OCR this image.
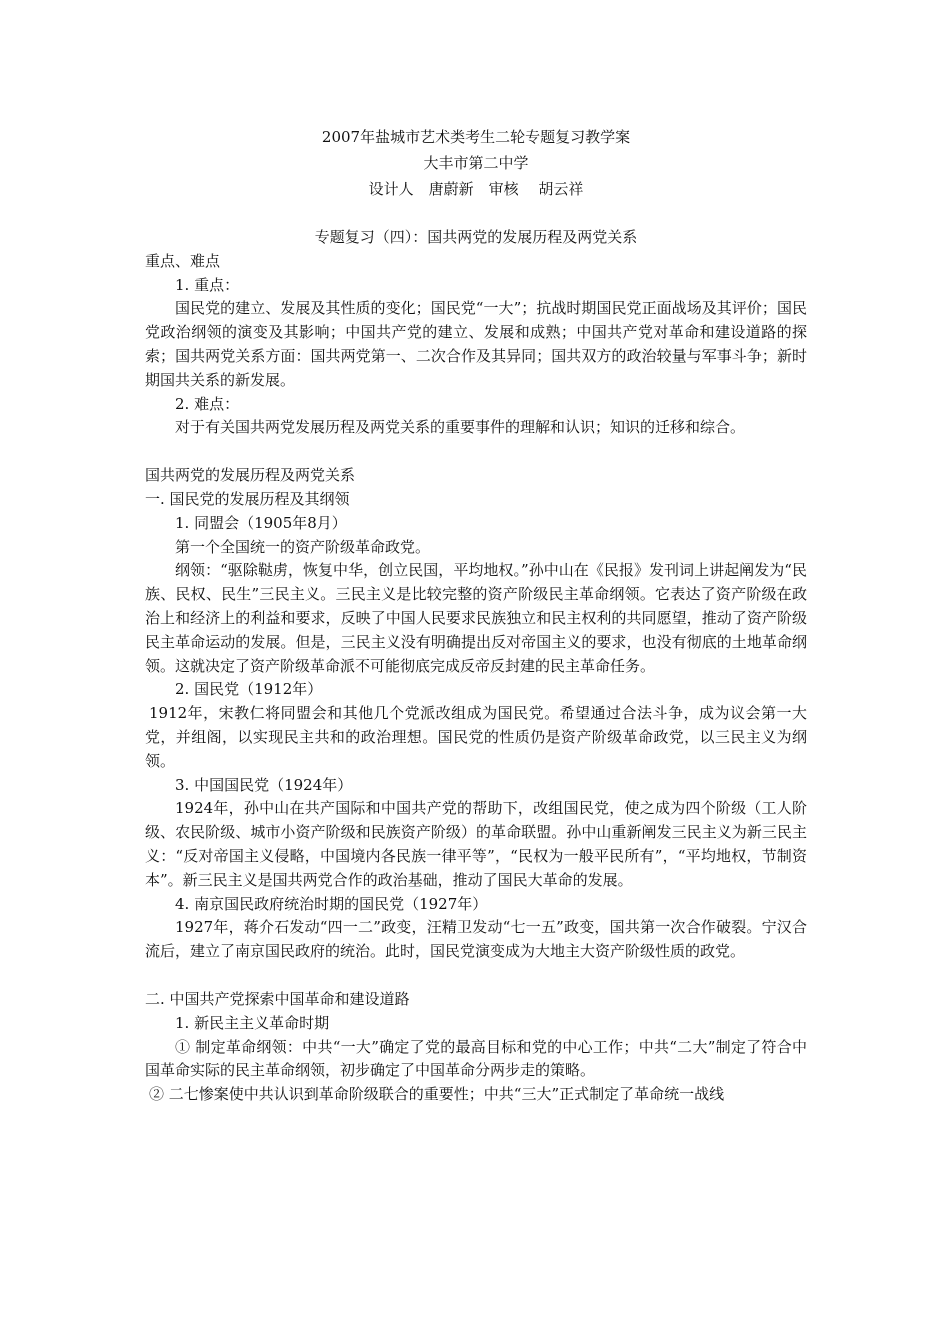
2007年盐城市艺术类考生二轮专题复习教学案
大丰市第二中学
设计人　唐蔚新　审核　 胡云祥
专题复习（四）：国共两党的发展历程及两党关系
重点、难点
1. 重点：
国民党的建立、发展及其性质的变化；国民党“一大”；抗战时期国民党正面战场及其评价；国民党政治纲领的演变及其影响；中国共产党的建立、发展和成熟；中国共产党对革命和建设道路的探索；国共两党关系方面：国共两党第一、二次合作及其异同；国共双方的政治较量与军事斗争；新时期国共关系的新发展。
2. 难点：
对于有关国共两党发展历程及两党关系的重要事件的理解和认识；知识的迁移和综合。
国共两党的发展历程及两党关系
一. 国民党的发展历程及其纲领
1. 同盟会（1905年8月）
第一个全国统一的资产阶级革命政党。
纲领：“驱除鞑虏，恢复中华，创立民国，平均地权。”孙中山在《民报》发刊词上讲起阐发为“民族、民权、民生”三民主义。三民主义是比较完整的资产阶级民主革命纲领。它表达了资产阶级在政治上和经济上的利益和要求，反映了中国人民要求民族独立和民主权利的共同愿望，推动了资产阶级民主革命运动的发展。但是，三民主义没有明确提出反对帝国主义的要求，也没有彻底的土地革命纲领。这就决定了资产阶级革命派不可能彻底完成反帝反封建的民主革命任务。
2. 国民党（1912年）
1912年，宋教仁将同盟会和其他几个党派改组成为国民党。希望通过合法斗争，成为议会第一大党，并组阁，以实现民主共和的政治理想。国民党的性质仍是资产阶级革命政党，以三民主义为纲领。
3. 中国国民党（1924年）
1924年，孙中山在共产国际和中国共产党的帮助下，改组国民党，使之成为四个阶级（工人阶级、农民阶级、城市小资产阶级和民族资产阶级）的革命联盟。孙中山重新阐发三民主义为新三民主义：“反对帝国主义侵略，中国境内各民族一律平等”，“民权为一般平民所有”，“平均地权，节制资本”。新三民主义是国共两党合作的政治基础，推动了国民大革命的发展。
4. 南京国民政府统治时期的国民党（1927年）
1927年，蒋介石发动“四一二”政变，汪精卫发动“七一五”政变，国共第一次合作破裂。宁汉合流后，建立了南京国民政府的统治。此时，国民党演变成为大地主大资产阶级性质的政党。
二. 中国共产党探索中国革命和建设道路
1. 新民主主义革命时期
① 制定革命纲领：中共“一大”确定了党的最高目标和党的中心工作；中共“二大”制定了符合中国革命实际的民主革命纲领，初步确定了中国革命分两步走的策略。
② 二七惨案使中共认识到革命阶级联合的重要性；中共“三大”正式制定了革命统一战线
